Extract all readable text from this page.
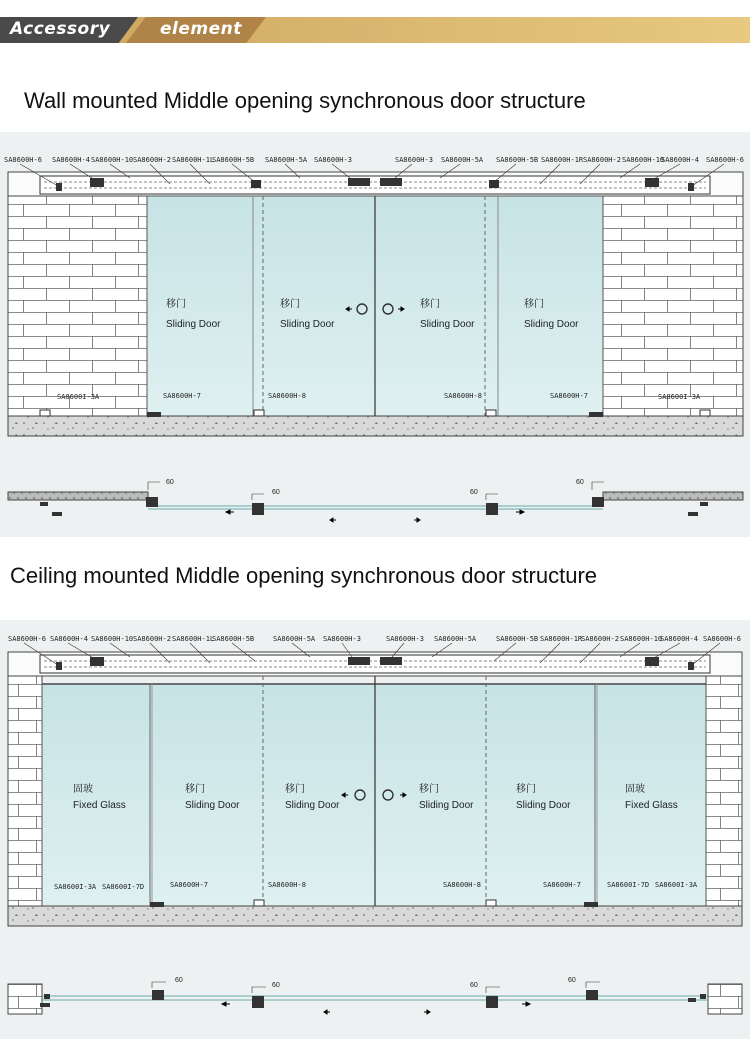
Accessory	element
Wall mounted Middle opening synchronous door structure
Ceiling mounted Middle opening synchronous door structure
SA8600H-6 SA8600H-4 SA8600H-10 SA8600H-2 SA8600H-1L
SA8600H-5B SA8600H-5A SA8600H-3	SA8600H-3 SA8600H-5A SA8600H-5B SA8600H-1R SA8600H-2 SA8600H-10
SA8600H-4 SA8600H-6
移门
Sliding Door
移门
Sliding Door
移门
Sliding Door
移门
Sliding Door
SA8600I-3A	SA8600H-7	SA8600H-8	SA8600H-8	SA8600H-7	SA8600I-3A
60
60	60
60
SA8600H-6 SA8600H-4 SA8600H-10 SA8600H-2 SA8600H-1L
SA8600H-5B	SA8600H-5A SA8600H-3	SA8600H-3 SA8600H-5A	SA8600H-5B SA8600H-1R
SA8600H-2 SA8600H-10
SA8600H-4 SA8600H-6
固玻
Fixed Glass
移门
Sliding Door
移门
Sliding Door
移门
Sliding Door
移门
Sliding Door
固玻
Fixed Glass
SA8600I-3A SA8600I-7D	SA8600H-7	SA8600H-8	SA8600H-8	SA8600H-7	SA8600I-7D SA8600I-3A
60
60	60
60
